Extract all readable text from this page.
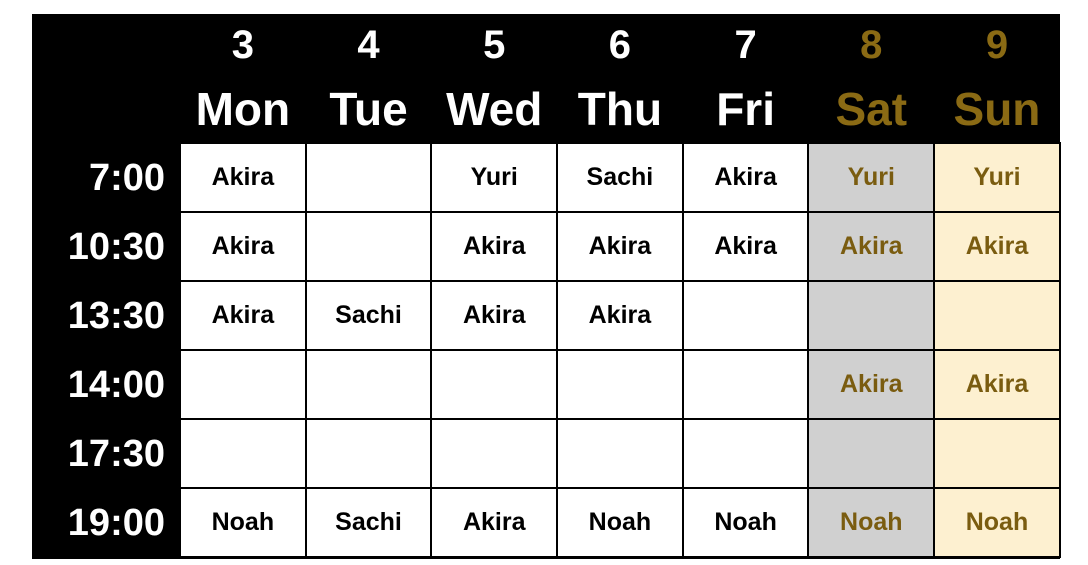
	3	4	5	6	7	8	9
	Mon	Tue	Wed	Thu	Fri	Sat	Sun
7:00	Akira		Yuri	Sachi	Akira	Yuri	Yuri
10:30	Akira		Akira	Akira	Akira	Akira	Akira
13:30	Akira	Sachi	Akira	Akira			
14:00						Akira	Akira
17:30							
19:00	Noah	Sachi	Akira	Noah	Noah	Noah	Noah
